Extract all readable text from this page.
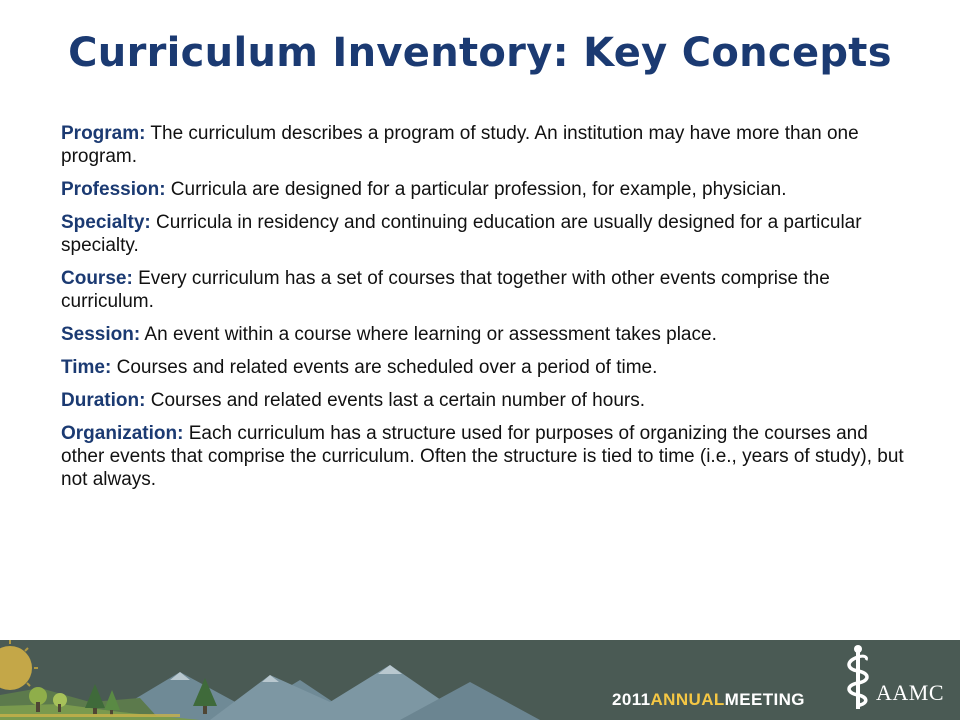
Curriculum Inventory: Key Concepts

Program: The curriculum describes a program of study. An institution may have more than one program.

Profession: Curricula are designed for a particular profession, for example, physician.

Specialty: Curricula in residency and continuing education are usually designed for a particular specialty.

Course: Every curriculum has a set of courses that together with other events comprise the curriculum.

Session: An event within a course where learning or assessment takes place.

Time: Courses and related events are scheduled over a period of time.

Duration: Courses and related events last a certain number of hours.

Organization: Each curriculum has a structure used for purposes of organizing the courses and other events that comprise the curriculum. Often the structure is tied to time (i.e., years of study), but not always.

2011ANNUALMEETING	AAMC
